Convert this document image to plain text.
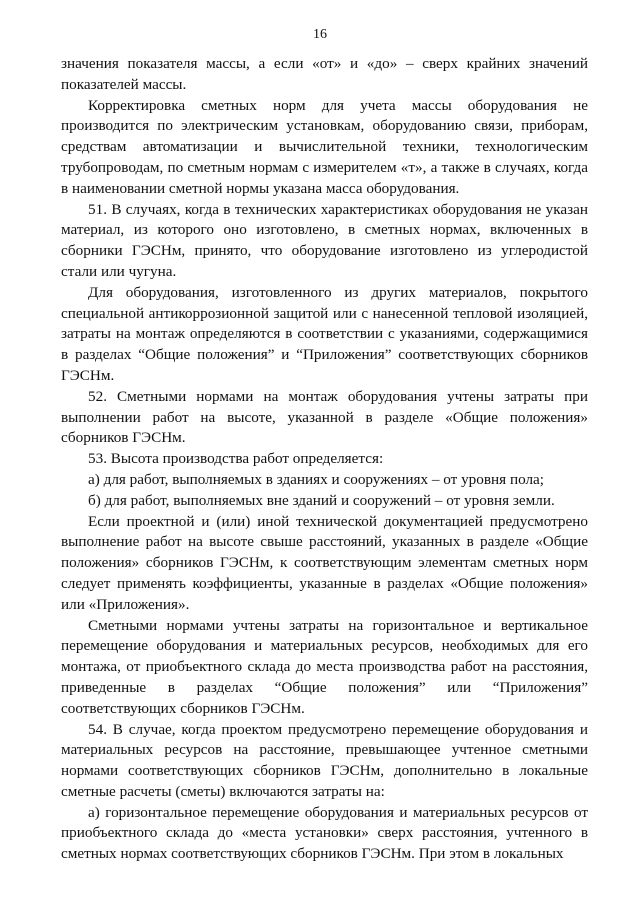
16

значения показателя массы, а если «от» и «до» – сверх крайних значений показателей массы.

Корректировка сметных норм для учета массы оборудования не производится по электрическим установкам, оборудованию связи, приборам, средствам автоматизации и вычислительной техники, технологическим трубопроводам, по сметным нормам с измерителем «т», а также в случаях, когда в наименовании сметной нормы указана масса оборудования.

51. В случаях, когда в технических характеристиках оборудования не указан материал, из которого оно изготовлено, в сметных нормах, включенных в сборники ГЭСНм, принято, что оборудование изготовлено из углеродистой стали или чугуна.

Для оборудования, изготовленного из других материалов, покрытого специальной антикоррозионной защитой или с нанесенной тепловой изоляцией, затраты на монтаж определяются в соответствии с указаниями, содержащимися в разделах “Общие положения” и “Приложения” соответствующих сборников ГЭСНм.

52. Сметными нормами на монтаж оборудования учтены затраты при выполнении работ на высоте, указанной в разделе «Общие положения» сборников ГЭСНм.

53. Высота производства работ определяется:

а) для работ, выполняемых в зданиях и сооружениях – от уровня пола;

б) для работ, выполняемых вне зданий и сооружений – от уровня земли.

Если проектной и (или) иной технической документацией предусмотрено выполнение работ на высоте свыше расстояний, указанных в разделе «Общие положения» сборников ГЭСНм, к соответствующим элементам сметных норм следует применять коэффициенты, указанные в разделах «Общие положения» или «Приложения».

Сметными нормами учтены затраты на горизонтальное и вертикальное перемещение оборудования и материальных ресурсов, необходимых для его монтажа, от приобъектного склада до места производства работ на расстояния, приведенные в разделах “Общие положения” или “Приложения” соответствующих сборников ГЭСНм.

54. В случае, когда проектом предусмотрено перемещение оборудования и материальных ресурсов на расстояние, превышающее учтенное сметными нормами соответствующих сборников ГЭСНм, дополнительно в локальные сметные расчеты (сметы) включаются затраты на:

а) горизонтальное перемещение оборудования и материальных ресурсов от приобъектного склада до «места установки» сверх расстояния, учтенного в сметных нормах соответствующих сборников ГЭСНм. При этом в локальных
